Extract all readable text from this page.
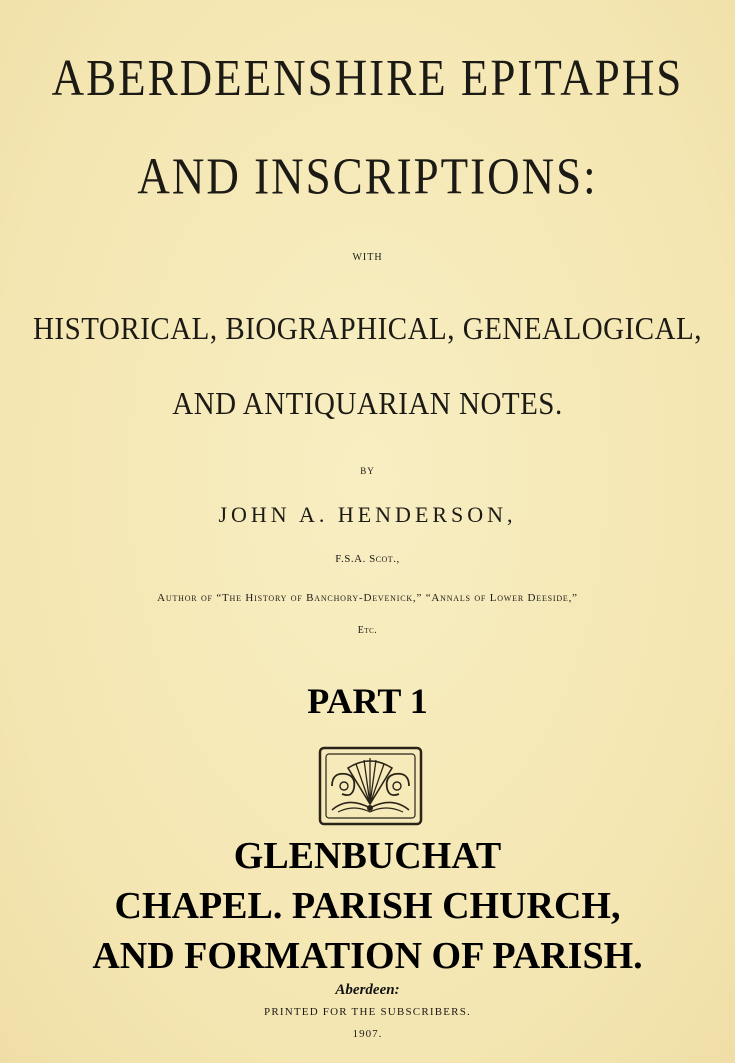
ABERDEENSHIRE EPITAPHS
AND INSCRIPTIONS:
WITH
HISTORICAL, BIOGRAPHICAL, GENEALOGICAL,
AND ANTIQUARIAN NOTES.
BY
JOHN A. HENDERSON,
F.S.A. Scot.,
Author of “The History of Banchory-Devenick,” “Annals of Lower Deeside,”
Etc.
PART 1
GLENBUCHAT
CHAPEL. PARISH CHURCH,
AND FORMATION OF PARISH.
Aberdeen:
PRINTED FOR THE SUBSCRIBERS.
1907.
